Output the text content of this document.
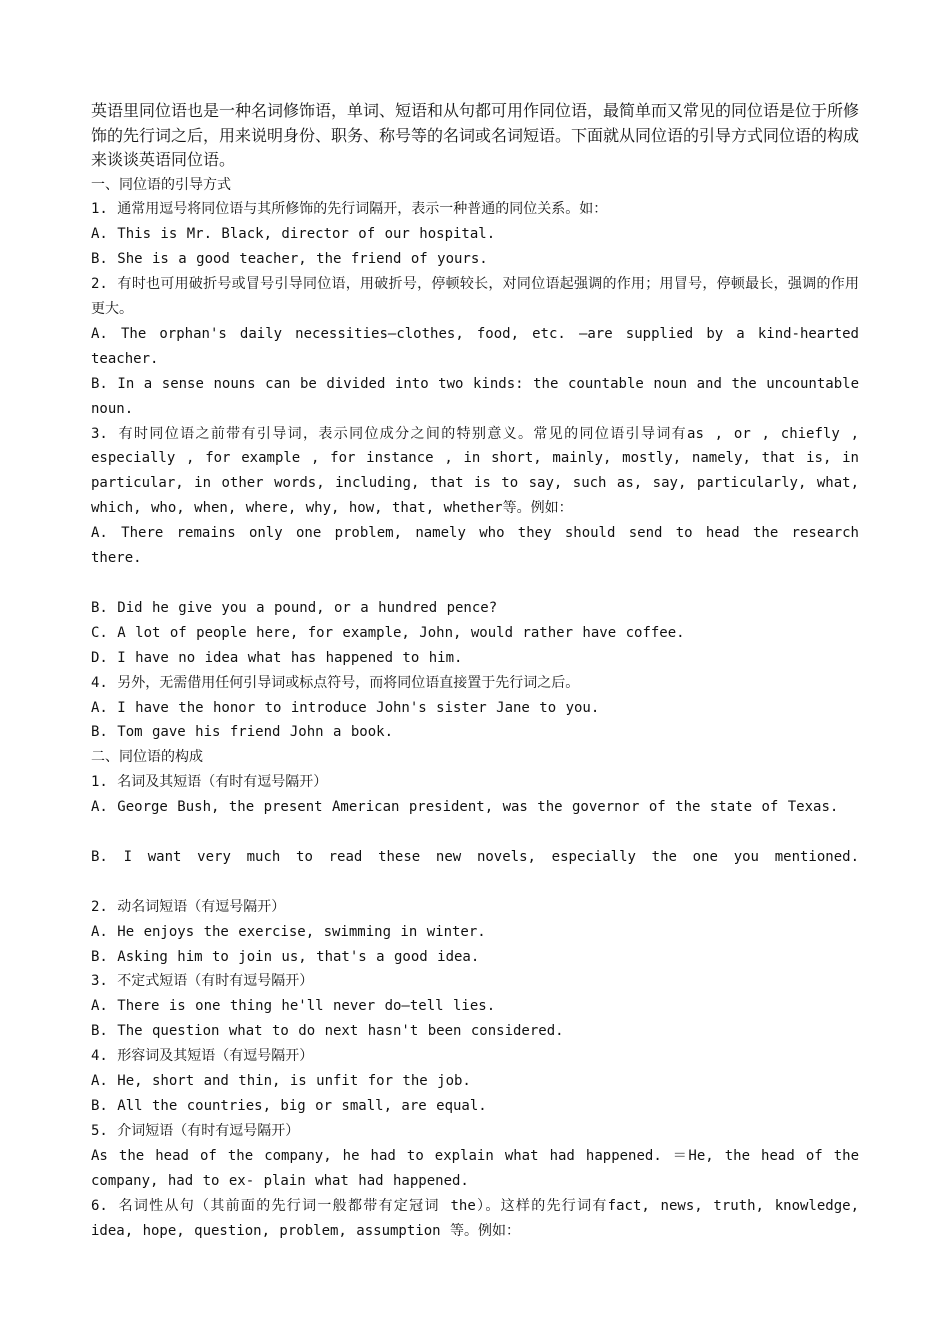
英语里同位语也是一种名词修饰语，单词、短语和从句都可用作同位语，最简单而又常见的同位语是位于所修饰的先行词之后，用来说明身份、职务、称号等的名词或名词短语。下面就从同位语的引导方式同位语的构成来谈谈英语同位语。

一、同位语的引导方式

1. 通常用逗号将同位语与其所修饰的先行词隔开，表示一种普通的同位关系。如：

A. This is Mr. Black, director of our hospital.

B. She is a good teacher, the friend of yours.

2. 有时也可用破折号或冒号引导同位语，用破折号，停顿较长，对同位语起强调的作用；用冒号，停顿最长，强调的作用更大。

A. The orphan's daily necessities—clothes, food, etc. —are supplied by a kind-hearted teacher.

B. In a sense nouns can be divided into two kinds: the countable noun and the uncountable noun.

3. 有时同位语之前带有引导词，表示同位成分之间的特别意义。常见的同位语引导词有as , or , chiefly , especially , for example , for instance , in short, mainly, mostly, namely, that is, in particular, in other words, including, that is to say, such as, say, particularly, what, which, who, when, where, why, how, that, whether等。例如：

A. There remains only one problem, namely who they should send to head the research there.

B. Did he give you a pound, or a hundred pence?

C. A lot of people here, for example, John, would rather have coffee.

D. I have no idea what has happened to him.

4. 另外，无需借用任何引导词或标点符号，而将同位语直接置于先行词之后。

A. I have the honor to introduce John's sister Jane to you.

B. Tom gave his friend John a book.

二、同位语的构成

1. 名词及其短语（有时有逗号隔开）

A. George Bush, the present American president, was the governor of the state of Texas.

B. I want very much to read these new novels, especially the one you mentioned.

2. 动名词短语（有逗号隔开）

A. He enjoys the exercise, swimming in winter.

B. Asking him to join us, that's a good idea.

3. 不定式短语（有时有逗号隔开）

A. There is one thing he'll never do—tell lies.

B. The question what to do next hasn't been considered.

4. 形容词及其短语（有逗号隔开）

A. He, short and thin, is unfit for the job.

B. All the countries, big or small, are equal.

5. 介词短语（有时有逗号隔开）

As the head of the company, he had to explain what had happened. ＝He, the head of the company, had to ex- plain what had happened.

6. 名词性从句（其前面的先行词一般都带有定冠词 the）。这样的先行词有fact, news, truth, knowledge, idea, hope, question, problem, assumption 等。例如：
